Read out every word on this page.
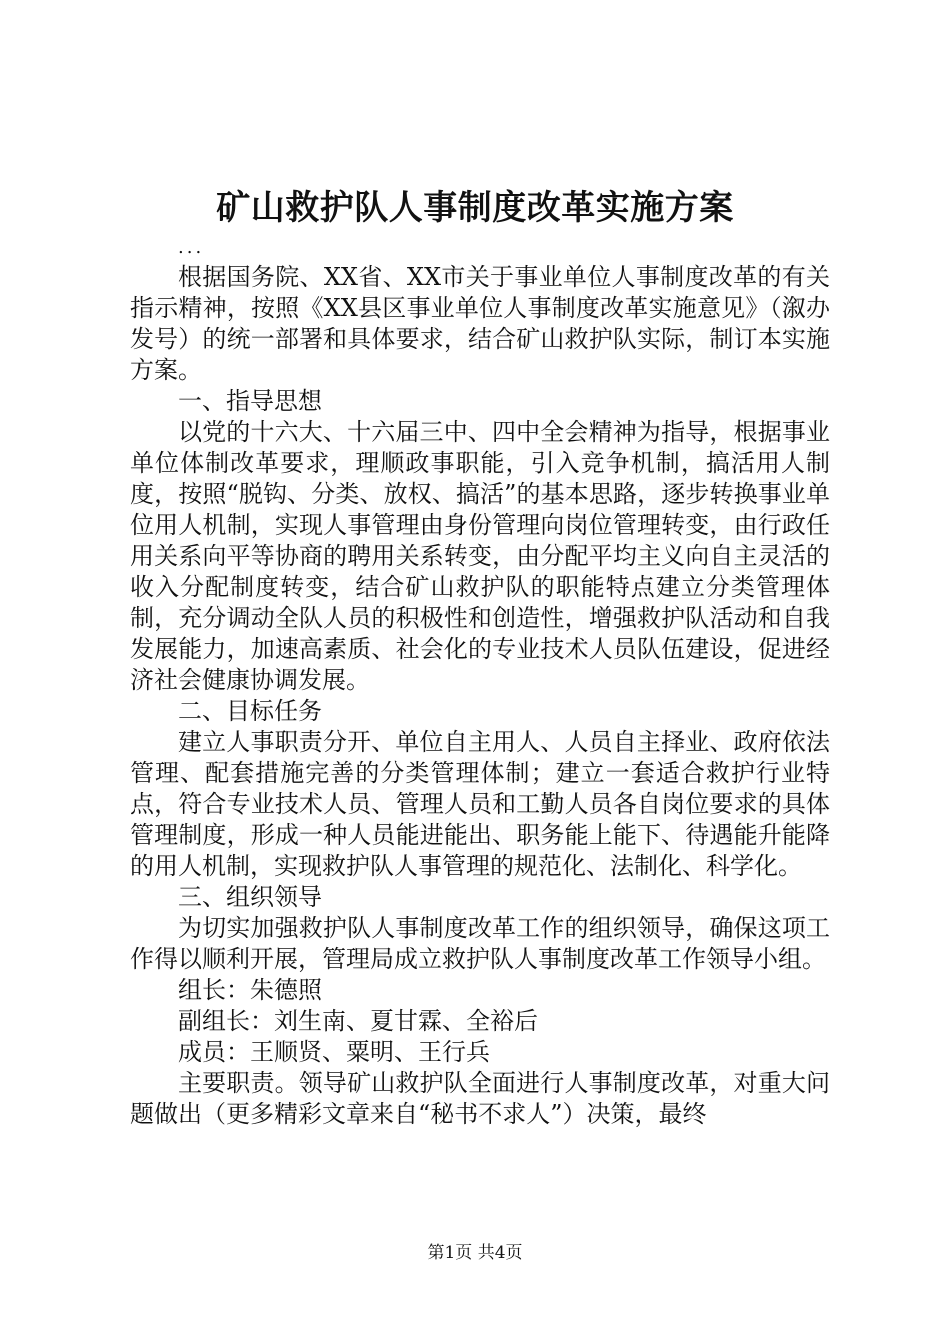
矿山救护队人事制度改革实施方案
...

根据国务院、XX省、XX市关于事业单位人事制度改革的有关指示精神，按照《XX县区事业单位人事制度改革实施意见》（溆办发号）的统一部署和具体要求，结合矿山救护队实际，制订本实施方案。

一、指导思想

以党的十六大、十六届三中、四中全会精神为指导，根据事业单位体制改革要求，理顺政事职能，引入竞争机制，搞活用人制度，按照“脱钩、分类、放权、搞活”的基本思路，逐步转换事业单位用人机制，实现人事管理由身份管理向岗位管理转变，由行政任用关系向平等协商的聘用关系转变，由分配平均主义向自主灵活的收入分配制度转变，结合矿山救护队的职能特点建立分类管理体制，充分调动全队人员的积极性和创造性，增强救护队活动和自我发展能力，加速高素质、社会化的专业技术人员队伍建设，促进经济社会健康协调发展。

二、目标任务

建立人事职责分开、单位自主用人、人员自主择业、政府依法管理、配套措施完善的分类管理体制；建立一套适合救护行业特点，符合专业技术人员、管理人员和工勤人员各自岗位要求的具体管理制度，形成一种人员能进能出、职务能上能下、待遇能升能降的用人机制，实现救护队人事管理的规范化、法制化、科学化。

三、组织领导

为切实加强救护队人事制度改革工作的组织领导，确保这项工作得以顺利开展，管理局成立救护队人事制度改革工作领导小组。

组长：朱德照

副组长：刘生南、夏甘霖、全裕后

成员：王顺贤、粟明、王行兵

主要职责。领导矿山救护队全面进行人事制度改革，对重大问题做出（更多精彩文章来自“秘书不求人”）决策，最终

第1页 共4页
